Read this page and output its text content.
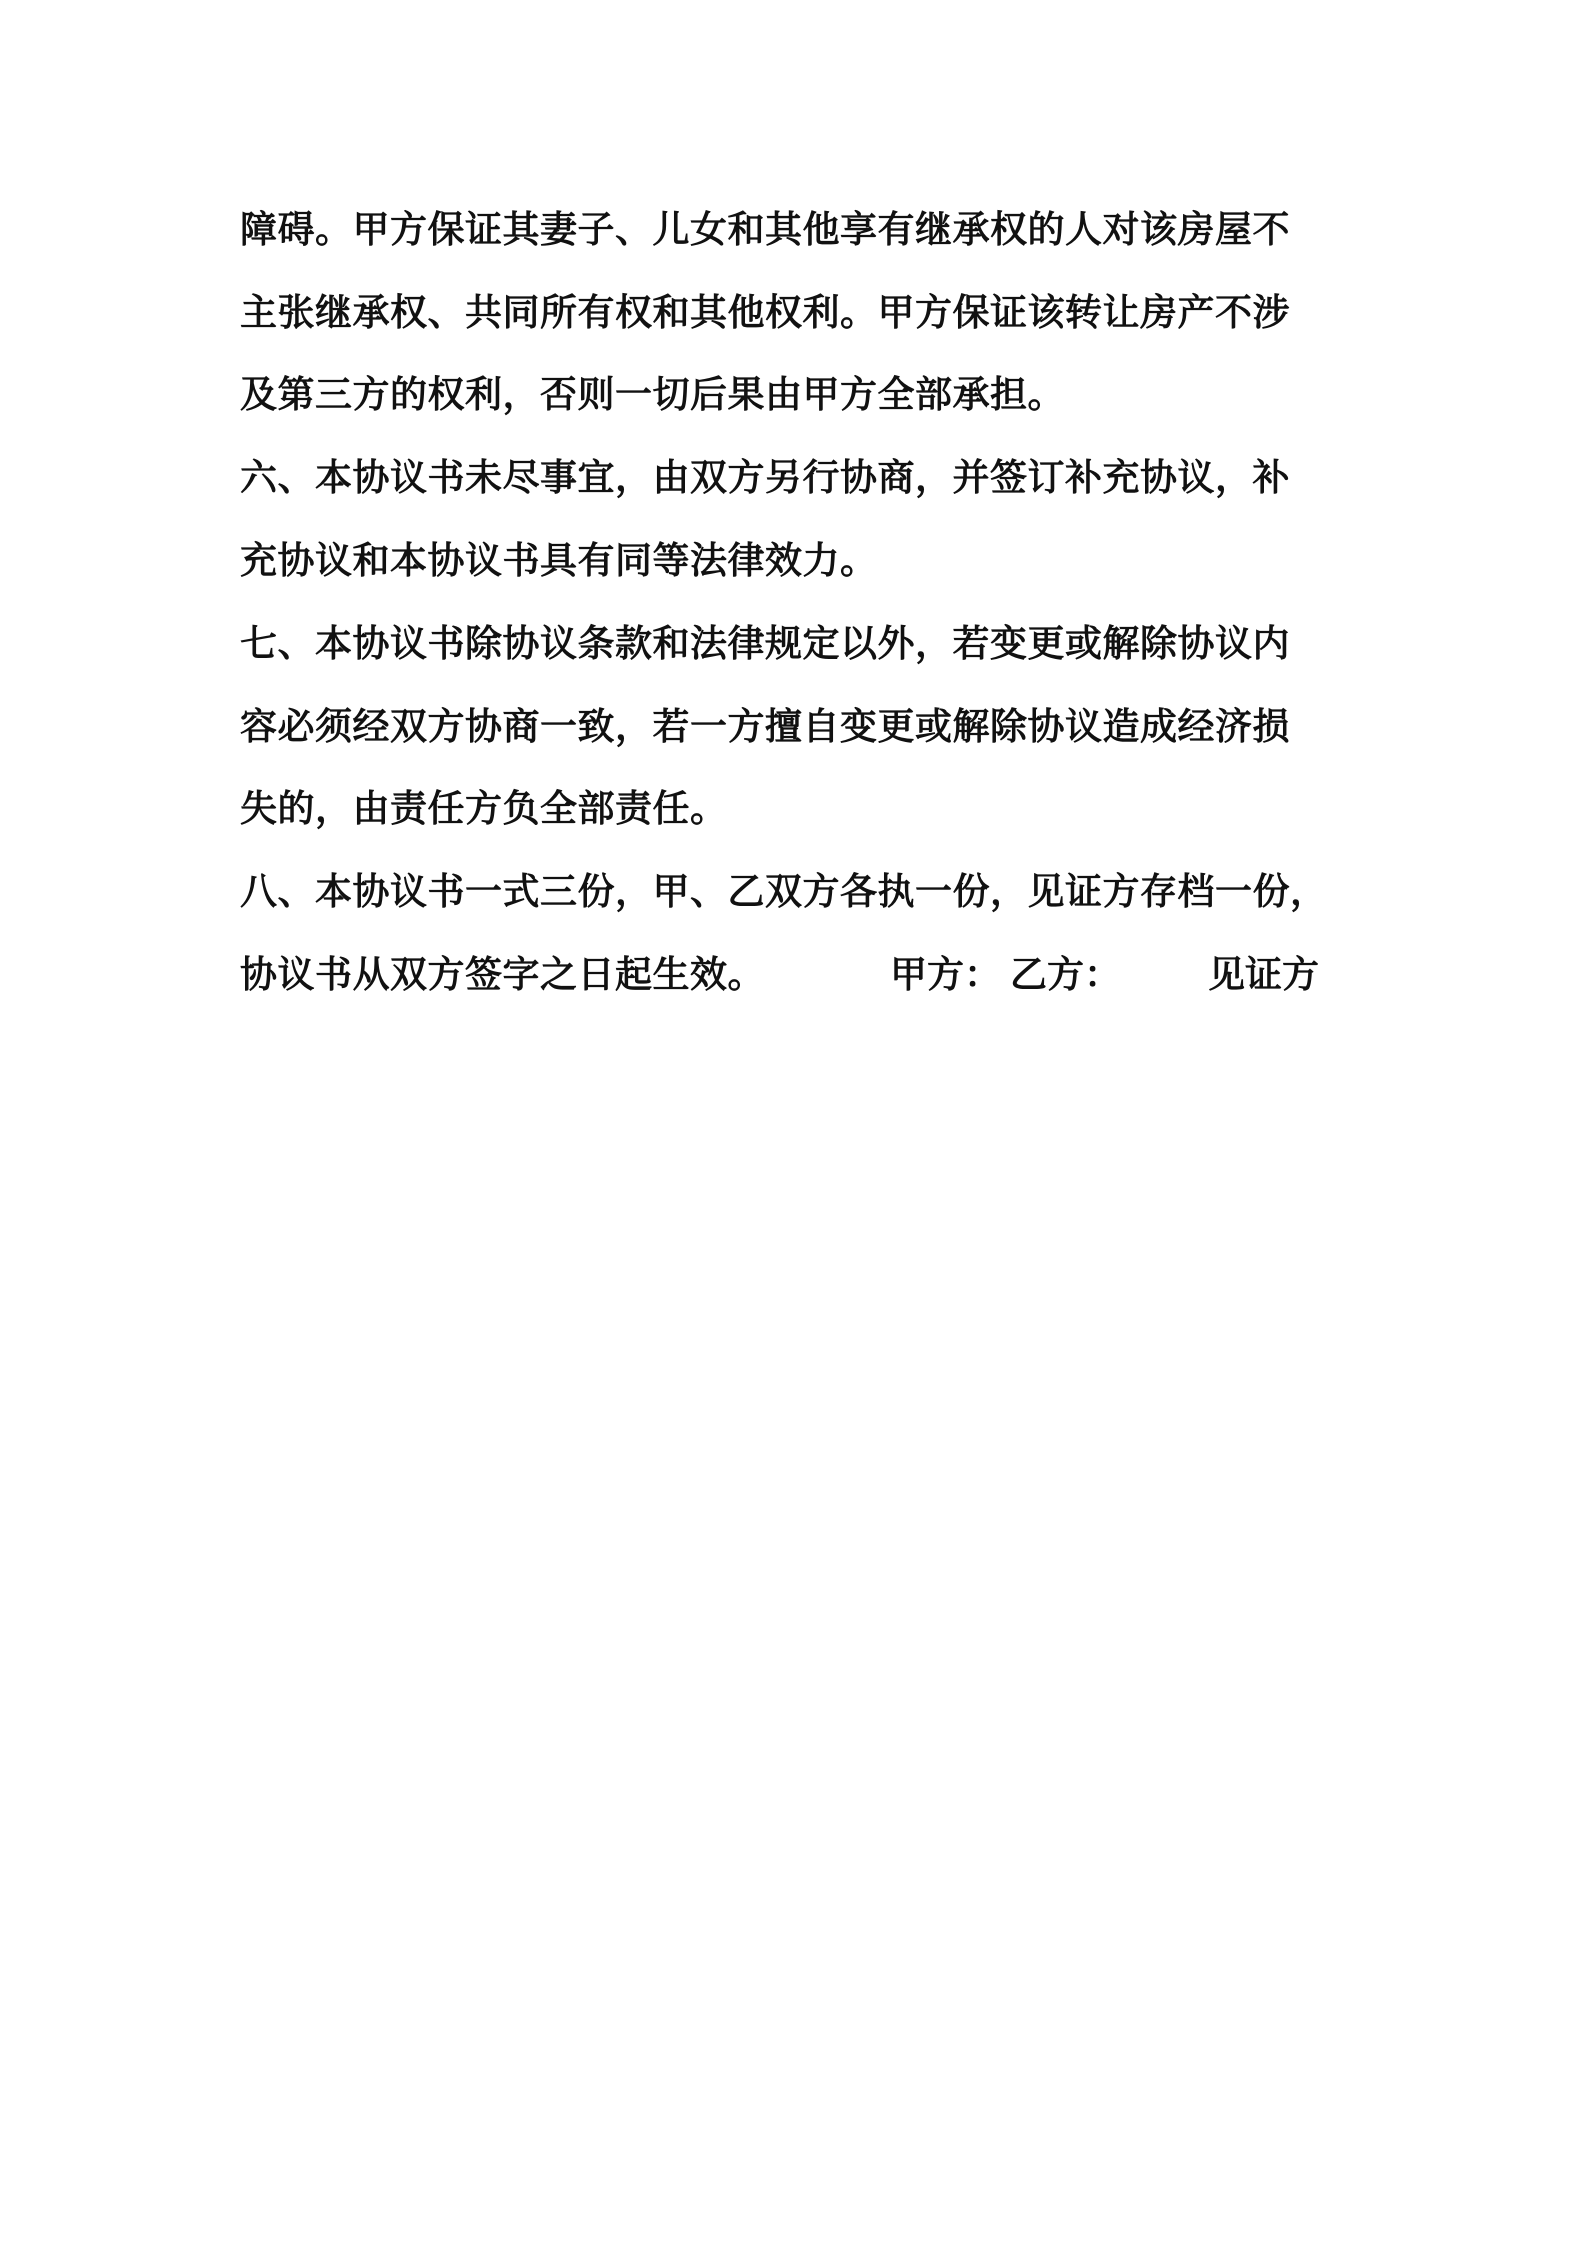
障碍。甲方保证其妻子、儿女和其他享有继承权的人对该房屋不
主张继承权、共同所有权和其他权利。甲方保证该转让房产不涉
及第三方的权利，否则一切后果由甲方全部承担。
六、本协议书未尽事宜，由双方另行协商，并签订补充协议，补
充协议和本协议书具有同等法律效力。
七、本协议书除协议条款和法律规定以外，若变更或解除协议内
容必须经双方协商一致，若一方擅自变更或解除协议造成经济损
失的，由责任方负全部责任。
八、本协议书一式三份，甲、乙双方各执一份，见证方存档一份，
协议书从双方签字之日起生效。	甲方： 乙方： 见证方
